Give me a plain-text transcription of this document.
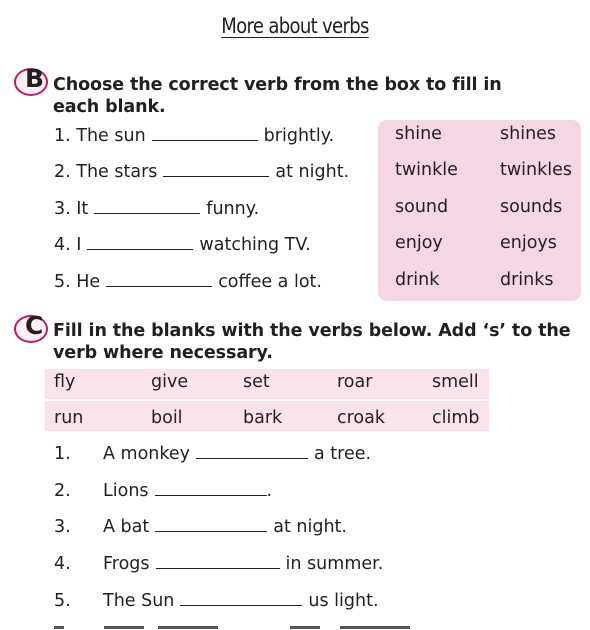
More about verbs
B Choose the correct verb from the box to fill in each blank.
1. The sun	brightly.
2. The stars	at night.
3. It	funny.
4. I	watching TV.
5. He	coffee a lot.
shine	shines
twinkle twinkles
sound	sounds
enjoy	enjoys
drink	drinks
C Fill in the blanks with the verbs below. Add ‘s’ to the verb where necessary.
fly	give	set	roar	smell
run	boil	bark	croak	climb
1. A monkey	a tree.
2. Lions	.
3. A bat	at night.
4. Frogs	in summer.
5. The Sun	us light.
